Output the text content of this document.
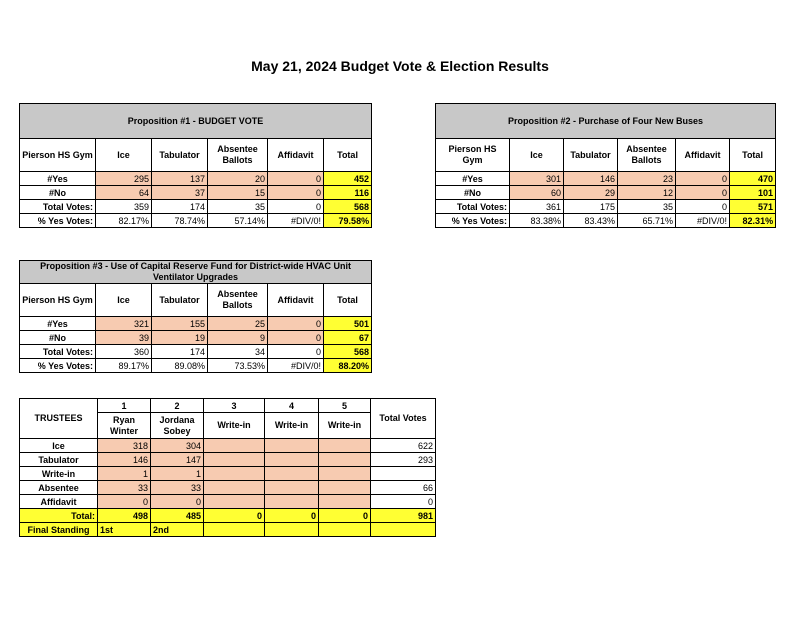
May 21, 2024 Budget Vote & Election Results
Proposition #1 - BUDGET VOTE					
Pierson HS Gym	Ice	Tabulator	Absentee Ballots	Affidavit	Total
#Yes	295	137	20	0	452
#No	64	37	15	0	116
Total Votes:	359	174	35	0	568
% Yes Votes:	82.17%	78.74%	57.14%	#DIV/0!	79.58%
Proposition #2 - Purchase of Four New Buses					
Pierson HS Gym	Ice	Tabulator	Absentee Ballots	Affidavit	Total
#Yes	301	146	23	0	470
#No	60	29	12	0	101
Total Votes:	361	175	35	0	571
% Yes Votes:	83.38%	83.43%	65.71%	#DIV/0!	82.31%
Proposition #3 - Use of Capital Reserve Fund for District-wide HVAC Unit Ventilator Upgrades					
Pierson HS Gym	Ice	Tabulator	Absentee Ballots	Affidavit	Total
#Yes	321	155	25	0	501
#No	39	19	9	0	67
Total Votes:	360	174	34	0	568
% Yes Votes:	89.17%	89.08%	73.53%	#DIV/0!	88.20%
TRUSTEES	1	2	3	4	5	Total Votes
	Ryan Winter	Jordana Sobey	Write-in	Write-in	Write-in	
Ice	318	304				622
Tabulator	146	147				293
Write-in	1	1				
Absentee	33	33				66
Affidavit	0	0				0
Total:	498	485	0	0	0	981
Final Standing	1st	2nd				
